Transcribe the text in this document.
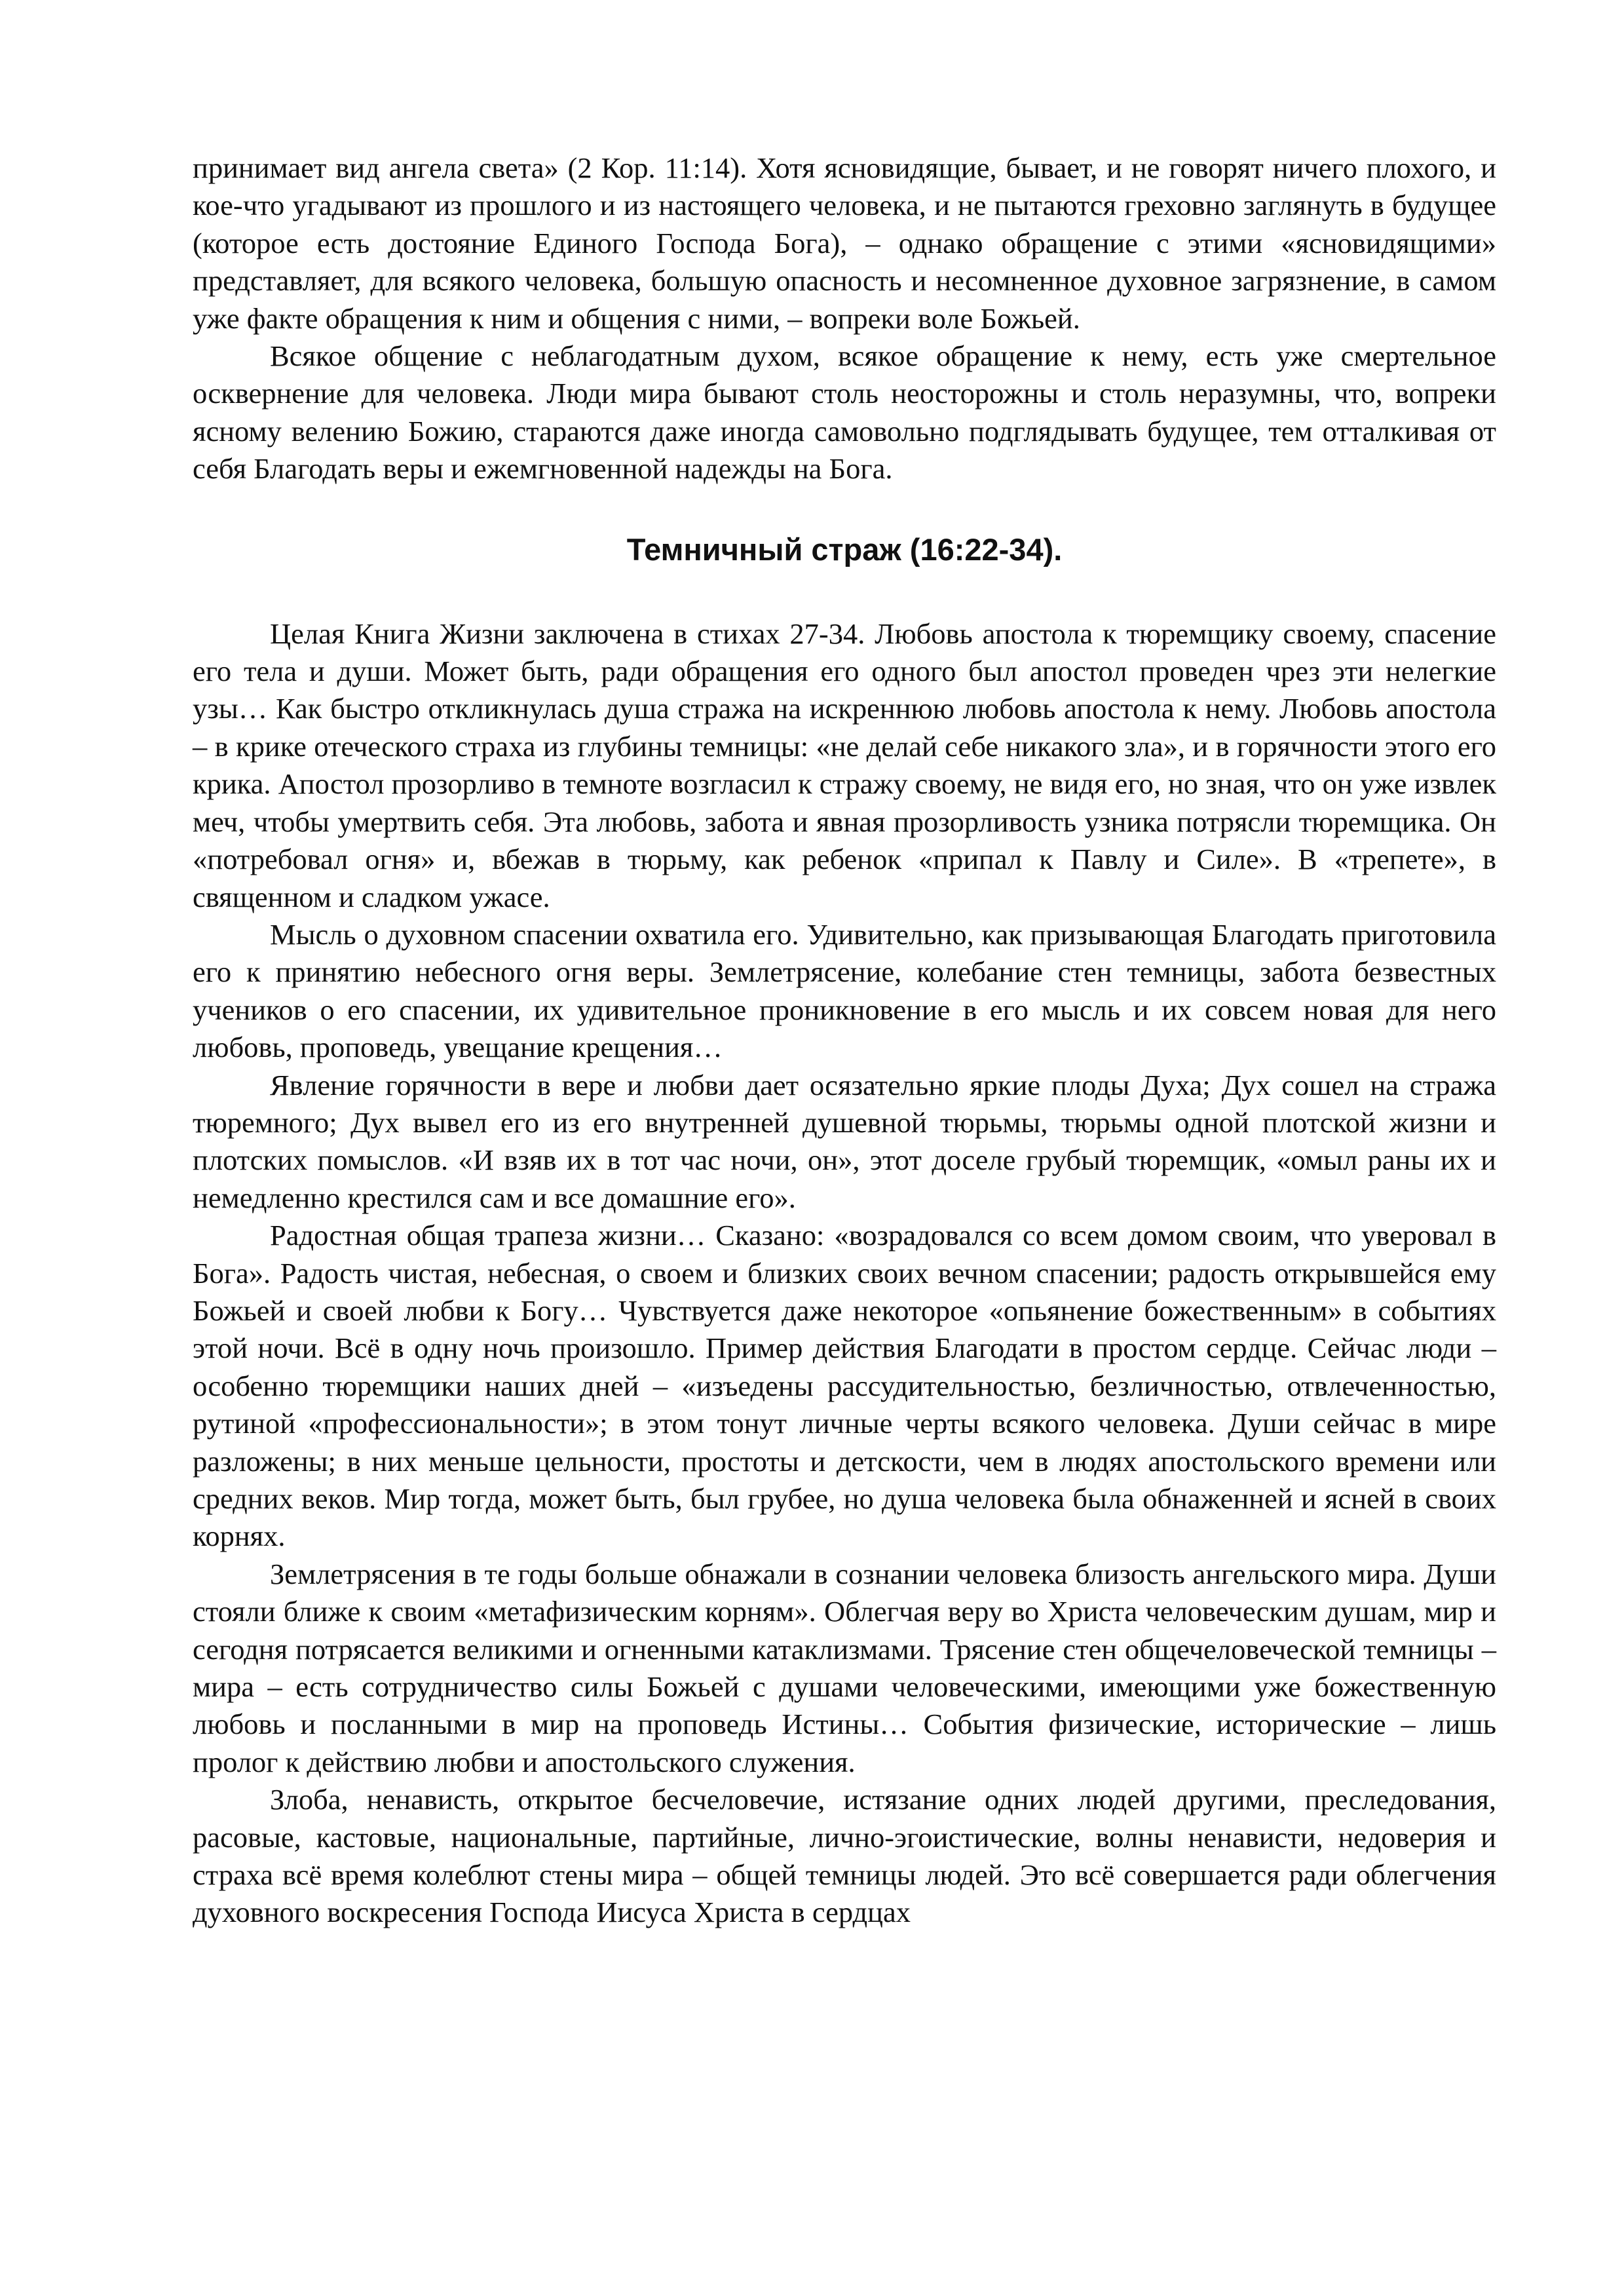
принимает вид ангела света» (2 Кор. 11:14). Хотя ясновидящие, бывает, и не говорят ничего плохого, и кое-что угадывают из прошлого и из настоящего человека, и не пытаются греховно заглянуть в будущее (которое есть достояние Единого Господа Бога), – однако обращение с этими «ясновидящими» представляет, для всякого человека, большую опасность и несомненное духовное загрязнение, в самом уже факте обращения к ним и общения с ними, – вопреки воле Божьей.

Всякое общение с неблагодатным духом, всякое обращение к нему, есть уже смертельное осквернение для человека. Люди мира бывают столь неосторожны и столь неразумны, что, вопреки ясному велению Божию, стараются даже иногда самовольно подглядывать будущее, тем отталкивая от себя Благодать веры и ежемгновенной надежды на Бога.

Темничный страж (16:22-34).

Целая Книга Жизни заключена в стихах 27-34. Любовь апостола к тюремщику своему, спасение его тела и души. Может быть, ради обращения его одного был апостол проведен чрез эти нелегкие узы… Как быстро откликнулась душа стража на искреннюю любовь апостола к нему. Любовь апостола – в крике отеческого страха из глубины темницы: «не делай себе никакого зла», и в горячности этого его крика. Апостол прозорливо в темноте возгласил к стражу своему, не видя его, но зная, что он уже извлек меч, чтобы умертвить себя. Эта любовь, забота и явная прозорливость узника потрясли тюремщика. Он «потребовал огня» и, вбежав в тюрьму, как ребенок «припал к Павлу и Силе». В «трепете», в священном и сладком ужасе.

Мысль о духовном спасении охватила его. Удивительно, как призывающая Благодать приготовила его к принятию небесного огня веры. Землетрясение, колебание стен темницы, забота безвестных учеников о его спасении, их удивительное проникновение в его мысль и их совсем новая для него любовь, проповедь, увещание крещения…

Явление горячности в вере и любви дает осязательно яркие плоды Духа; Дух сошел на стража тюремного; Дух вывел его из его внутренней душевной тюрьмы, тюрьмы одной плотской жизни и плотских помыслов. «И взяв их в тот час ночи, он», этот доселе грубый тюремщик, «омыл раны их и немедленно крестился сам и все домашние его».

Радостная общая трапеза жизни… Сказано: «возрадовался со всем домом своим, что уверовал в Бога». Радость чистая, небесная, о своем и близких своих вечном спасении; радость открывшейся ему Божьей и своей любви к Богу… Чувствуется даже некоторое «опьянение божественным» в событиях этой ночи. Всё в одну ночь произошло. Пример действия Благодати в простом сердце. Сейчас люди – особенно тюремщики наших дней – «изъедены рассудительностью, безличностью, отвлеченностью, рутиной «профессиональности»; в этом тонут личные черты всякого человека. Души сейчас в мире разложены; в них меньше цельности, простоты и детскости, чем в людях апостольского времени или средних веков. Мир тогда, может быть, был грубее, но душа человека была обнаженней и ясней в своих корнях.

Землетрясения в те годы больше обнажали в сознании человека близость ангельского мира. Души стояли ближе к своим «метафизическим корням». Облегчая веру во Христа человеческим душам, мир и сегодня потрясается великими и огненными катаклизмами. Трясение стен общечеловеческой темницы – мира – есть сотрудничество силы Божьей с душами человеческими, имеющими уже божественную любовь и посланными в мир на проповедь Истины… События физические, исторические – лишь пролог к действию любви и апостольского служения.

Злоба, ненависть, открытое бесчеловечие, истязание одних людей другими, преследования, расовые, кастовые, национальные, партийные, лично-эгоистические, волны ненависти, недоверия и страха всё время колеблют стены мира – общей темницы людей. Это всё совершается ради облегчения духовного воскресения Господа Иисуса Христа в сердцах
